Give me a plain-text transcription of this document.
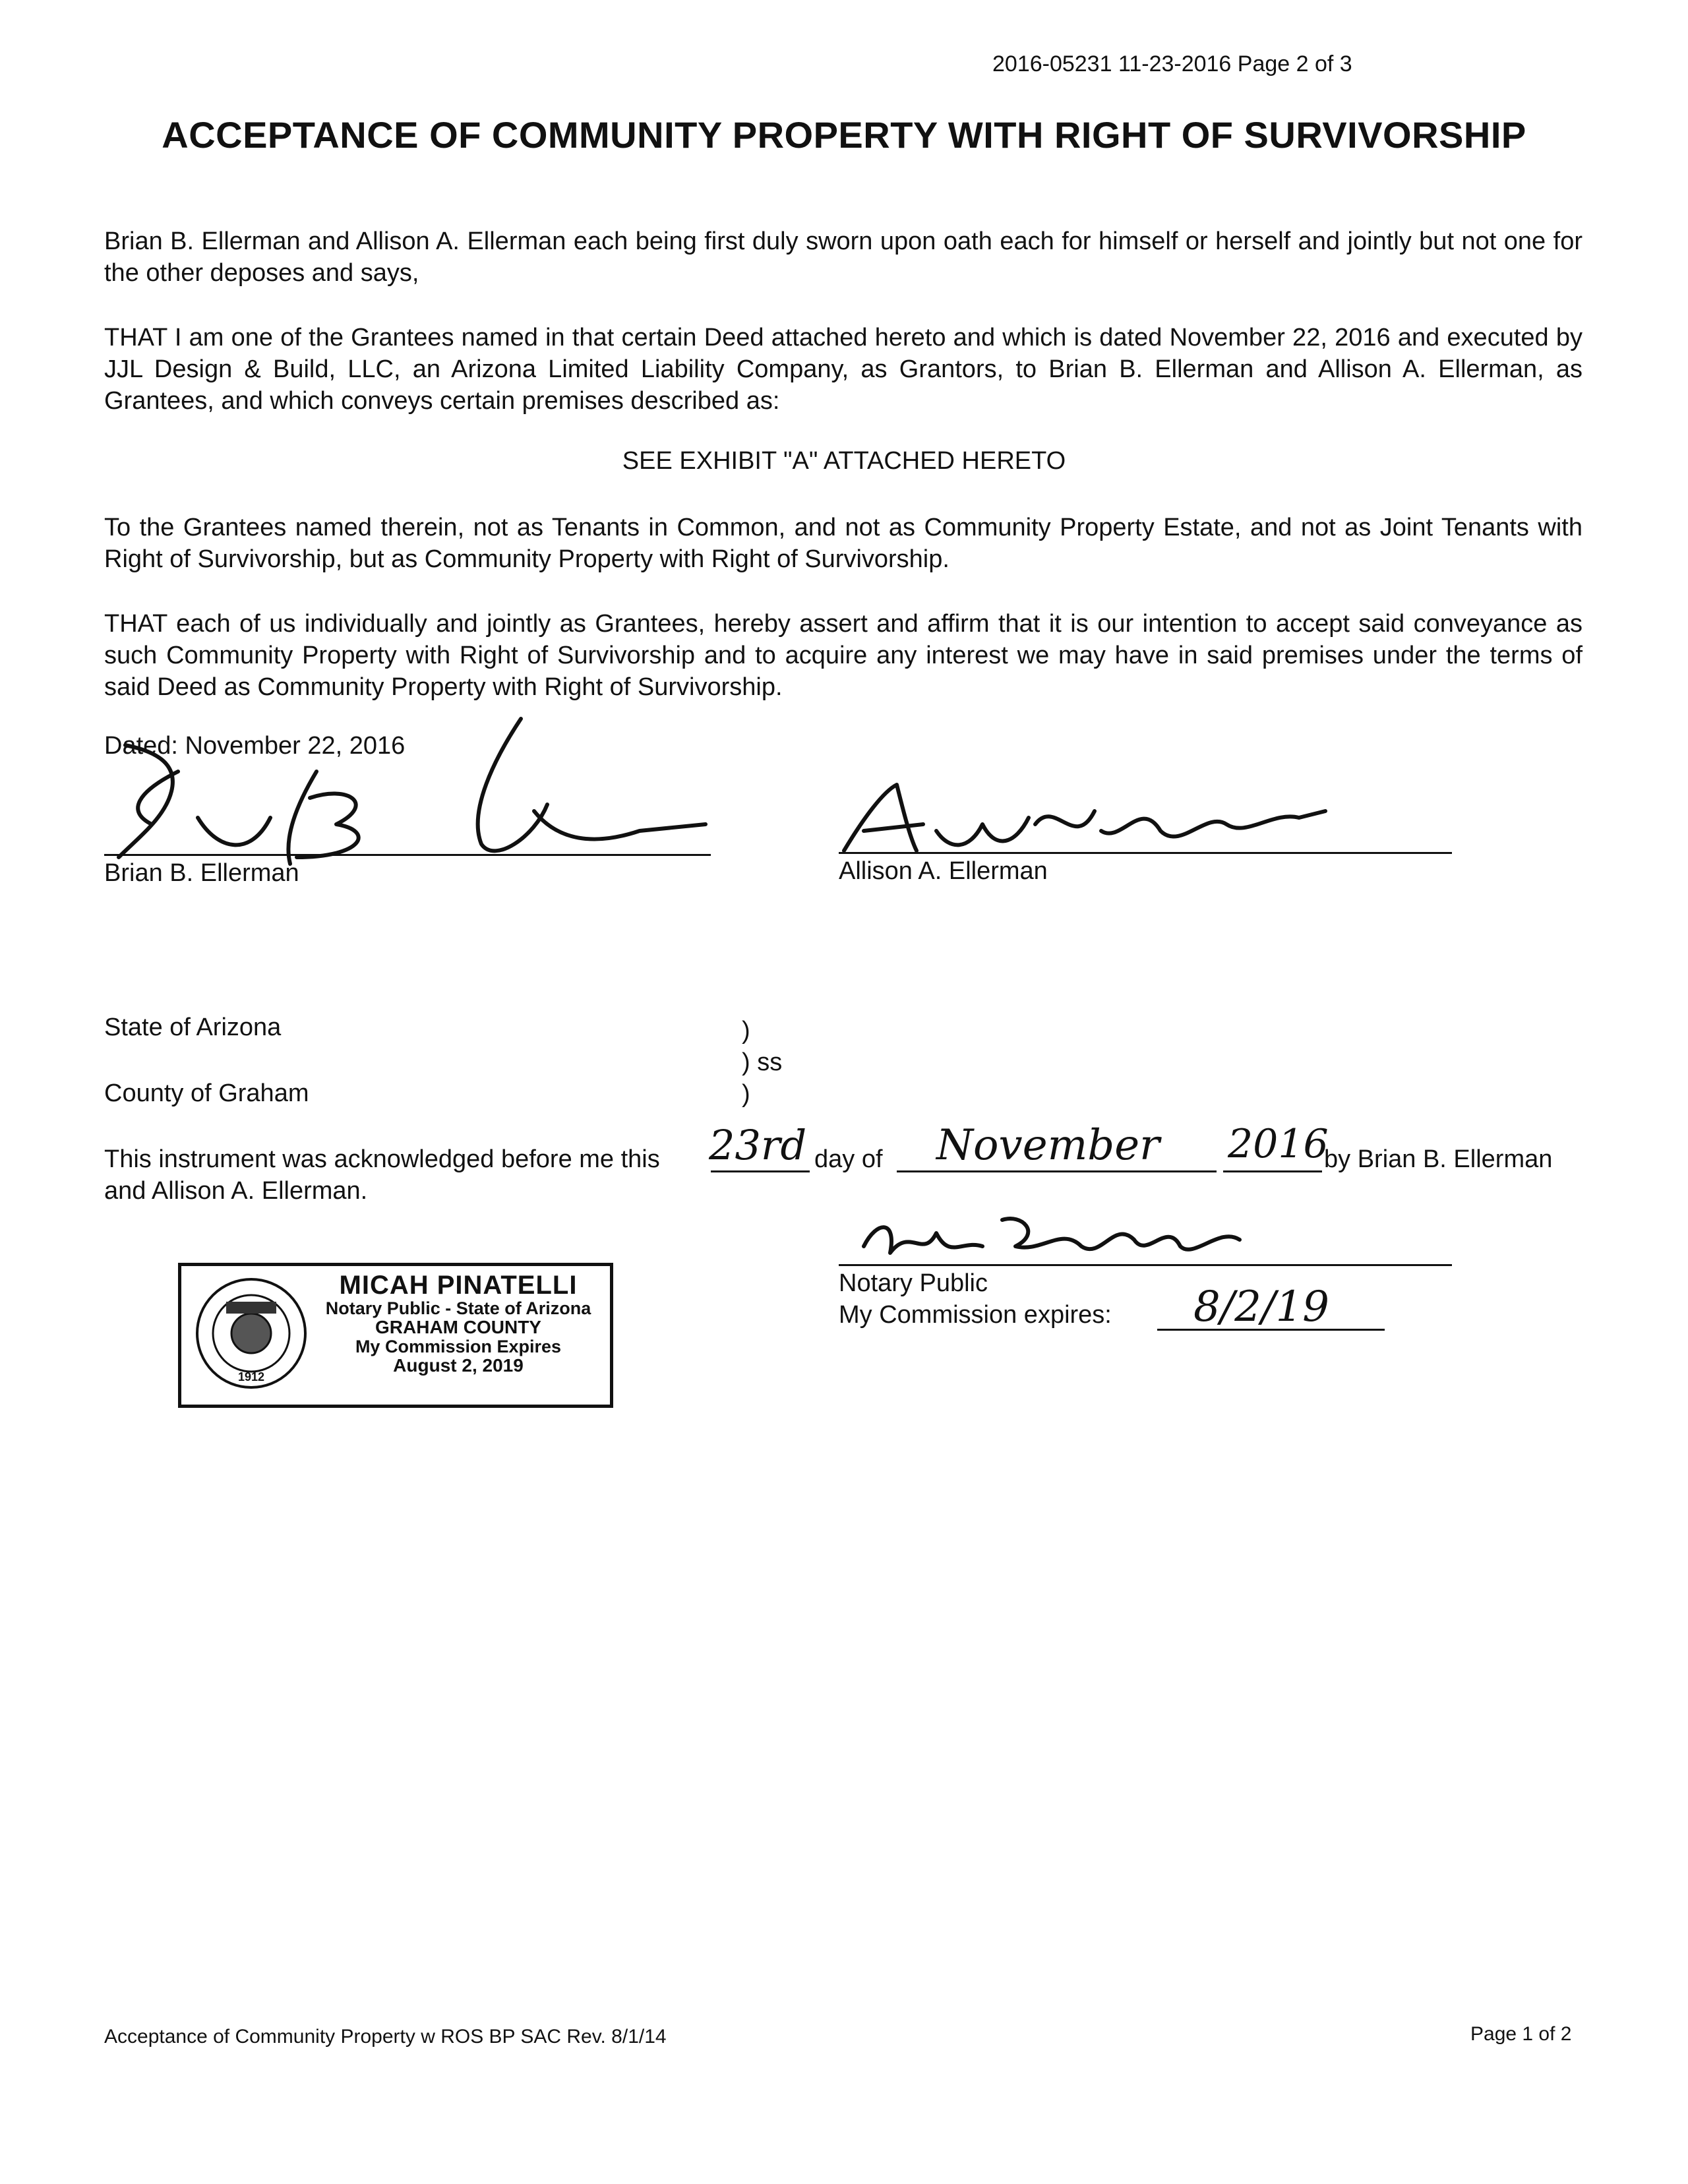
2016-05231 11-23-2016 Page 2 of 3
ACCEPTANCE OF COMMUNITY PROPERTY WITH RIGHT OF SURVIVORSHIP
Brian B. Ellerman and Allison A. Ellerman each being first duly sworn upon oath each for himself or herself and jointly but not one for the other deposes and says,
THAT I am one of the Grantees named in that certain Deed attached hereto and which is dated November 22, 2016 and executed by JJL Design & Build, LLC, an Arizona Limited Liability Company, as Grantors, to Brian B. Ellerman and Allison A. Ellerman, as Grantees, and which conveys certain premises described as:
SEE EXHIBIT "A" ATTACHED HERETO
To the Grantees named therein, not as Tenants in Common, and not as Community Property Estate, and not as Joint Tenants with Right of Survivorship, but as Community Property with Right of Survivorship.
THAT each of us individually and jointly as Grantees, hereby assert and affirm that it is our intention to accept said conveyance as such Community Property with Right of Survivorship and to acquire any interest we may have in said premises under the terms of said Deed as Community Property with Right of Survivorship.
Dated: November 22, 2016
Brian B. Ellerman	Allison A. Ellerman
State of Arizona	)
) ss
)
County of Graham
This instrument was acknowledged before me this 23rd day of November 2016
by Brian B. Ellerman
and Allison A. Ellerman.
Notary Public
My Commission expires: 8/2/19
1912
MICAH PINATELLI
Notary Public - State of Arizona
GRAHAM COUNTY
My Commission Expires
August 2, 2019
Acceptance of Community Property w ROS BP SAC Rev. 8/1/14	Page 1 of 2
